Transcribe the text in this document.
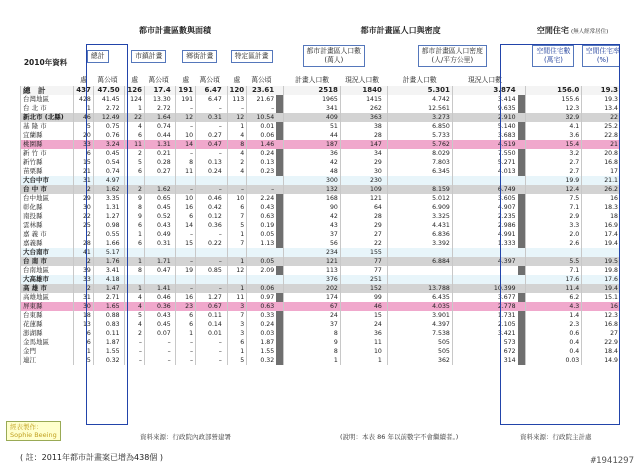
		都市計畫區數與面積												都市計畫區人口與密度						空閒住宅 (無人經常居住)	
2010年資料		總計			市鎮計畫			鄉街計畫			特定區計畫			都市計畫區人口數
(萬人)			都市計畫區人口密度
(人/平方公里)			空閒住宅數
(萬宅)	空閒住宅率
(%)
		處	萬公頃		處	萬公頃		處	萬公頃		處	萬公頃		計畫人口數	現況人口數		計畫人口數	現況人口數			
總　計		437	47.50		126	17.4		191	6.47		120	23.61		2518	1840		5.301	3.874		156.0	19.3
台灣地區		428	41.45		124	13.30		191	6.47		113	21.67		1965	1415		4.742	3.414		155.6	19.3
台 北 市		1	2.72		1	2.72		–	–		–	–		341	262		12.561	9.635		12.3	13.4
新北市 (北縣)		46	12.49		22	1.64		12	0.31		12	10.54		409	363		3.273	2.910		32.9	22
基 隆 市		5	0.75		4	0.74		–	–		1	0.01		51	38		6.850	5.140		4.1	25.2
宜蘭縣		20	0.76		6	0.44		10	0.27		4	0.06		44	28		5.733	3.683		3.6	22.8
桃園縣		33	3.24		11	1.31		14	0.47		8	1.46		187	147		5.762	4.519		15.4	21
新 竹 市		6	0.45		2	0.21		–	–		4	0.24		36	34		8.029	7.550		3.2	20.8
新竹縣		15	0.54		5	0.28		8	0.13		2	0.13		42	29		7.803	5.271		2.7	16.8
苗栗縣		21	0.74		6	0.27		11	0.24		4	0.23		48	30		6.345	4.013		2.7	17
大台中市		31	4.97											300	230					19.9	21.1
台 中 市		2	1.62		2	1.62		–	–		–	–		132	109		8.159	6.749		12.4	26.2
台中地區		29	3.35		9	0.65		10	0.46		10	2.24		168	121		5.012	3.605		7.5	16
彰化縣		30	1.31		8	0.45		16	0.42		6	0.43		90	64		6.909	4.907		7.1	18.3
南投縣		22	1.27		9	0.52		6	0.12		7	0.63		42	28		3.325	2.235		2.9	18
雲林縣		25	0.98		6	0.43		14	0.36		5	0.19		43	29		4.431	2.986		3.3	16.9
嘉 義 市		2	0.55		1	0.49		–	–		1	0.05		37	27		6.836	4.991		2.0	17.4
嘉義縣		28	1.66		6	0.31		15	0.22		7	1.13		56	22		3.392	1.333		2.6	19.4
大台南市		41	5.17											234	155						
台 南 市		2	1.76		1	1.71		–	–		1	0.05		121	77		6.884	4.397		5.5	19.5
台南地區		39	3.41		8	0.47		19	0.85		12	2.09		113	77					7.1	19.8
大高雄市		33	4.18											376	251					17.6	17.6
高 雄 市		2	1.47		1	1.41		–	–		1	0.06		202	152		13.788	10.399		11.4	19.4
高雄地區		31	2.71		4	0.46		16	1.27		11	0.97		174	99		6.435	3.677		6.2	15.1
屏東縣		30	1.65		4	0.36		23	0.67		3	0.63		67	46		4.035	2.778		4.3	16
台東縣		18	0.88		5	0.43		6	0.11		7	0.33		24	15		3.901	1.731		1.4	12.3
花蓮縣		13	0.83		4	0.45		6	0.14		3	0.24		37	24		4.397	2.105		2.3	16.8
澎湖縣		6	0.11		2	0.07		1	0.01		3	0.03		8	36		7.538	3.421		0.6	27
金馬地區		6	1.87		–	–		–	–		6	1.87		9	11		505	573		0.4	22.9
金門		1	1.55		–	–		–	–		1	1.55		8	10		505	672		0.4	18.4
連江		5	0.32		–	–		–	–		5	0.32		1	1		362	314		0.03	14.9
經表製作：
Sophie Beeing	資料來源：行政院內政部營建署	(說明：本表 86 年以前數字不會繼續者。)	資料來源：行政院主計處
( 註：2011年都市計畫案已增為438個 )	#1941297
